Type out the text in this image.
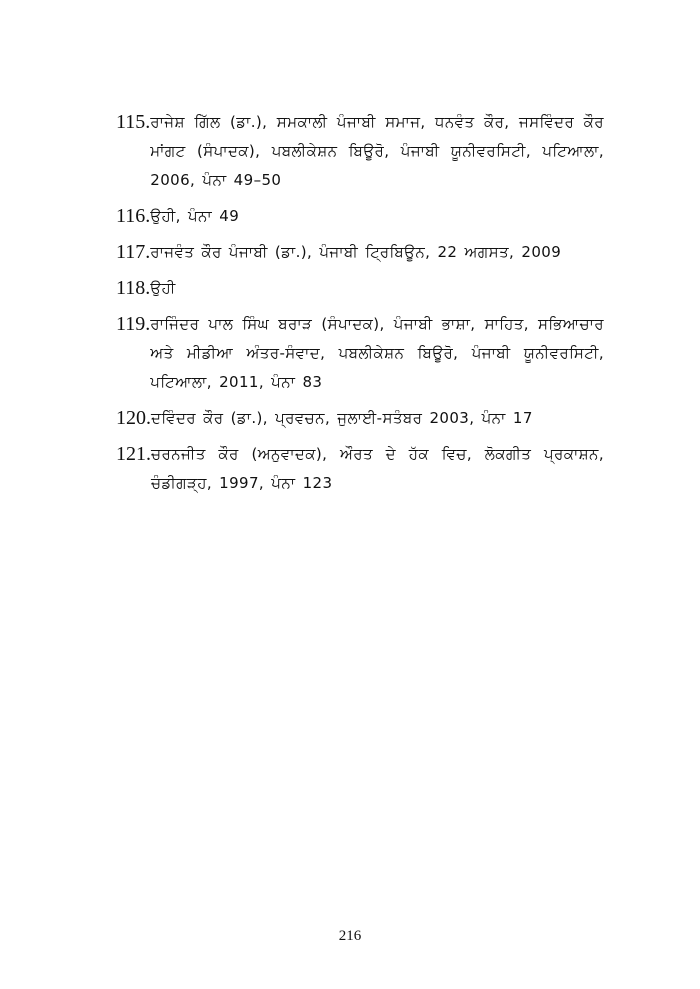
115. ਰਾਜੇਸ਼ ਗਿੱਲ (ਡਾ.), ਸਮਕਾਲੀ ਪੰਜਾਬੀ ਸਮਾਜ, ਧਨਵੰਤ ਕੌਰ, ਜਸਵਿੰਦਰ ਕੌਰ ਮਾਂਗਟ (ਸੰਪਾਦਕ), ਪਬਲੀਕੇਸ਼ਨ ਬਿਊਰੋ, ਪੰਜਾਬੀ ਯੂਨੀਵਰਸਿਟੀ, ਪਟਿਆਲਾ, 2006, ਪੰਨਾ 49–50
116. ਉਹੀ, ਪੰਨਾ 49
117. ਰਾਜਵੰਤ ਕੌਰ ਪੰਜਾਬੀ (ਡਾ.), ਪੰਜਾਬੀ ਟ੍ਰਿਬਿਊਨ, 22 ਅਗਸਤ, 2009
118. ਉਹੀ
119. ਰਾਜਿੰਦਰ ਪਾਲ ਸਿੰਘ ਬਰਾੜ (ਸੰਪਾਦਕ), ਪੰਜਾਬੀ ਭਾਸ਼ਾ, ਸਾਹਿਤ, ਸਭਿਆਚਾਰ ਅਤੇ ਮੀਡੀਆ ਅੰਤਰ-ਸੰਵਾਦ, ਪਬਲੀਕੇਸ਼ਨ ਬਿਊਰੋ, ਪੰਜਾਬੀ ਯੂਨੀਵਰਸਿਟੀ, ਪਟਿਆਲਾ, 2011, ਪੰਨਾ 83
120. ਦਵਿੰਦਰ ਕੌਰ (ਡਾ.), ਪ੍ਰਵਚਨ, ਜੁਲਾਈ-ਸਤੰਬਰ 2003, ਪੰਨਾ 17
121. ਚਰਨਜੀਤ ਕੌਰ (ਅਨੁਵਾਦਕ), ਔਰਤ ਦੇ ਹੱਕ ਵਿਚ, ਲੋਕਗੀਤ ਪ੍ਰਕਾਸ਼ਨ, ਚੰਡੀਗੜ੍ਹ, 1997, ਪੰਨਾ 123
216
